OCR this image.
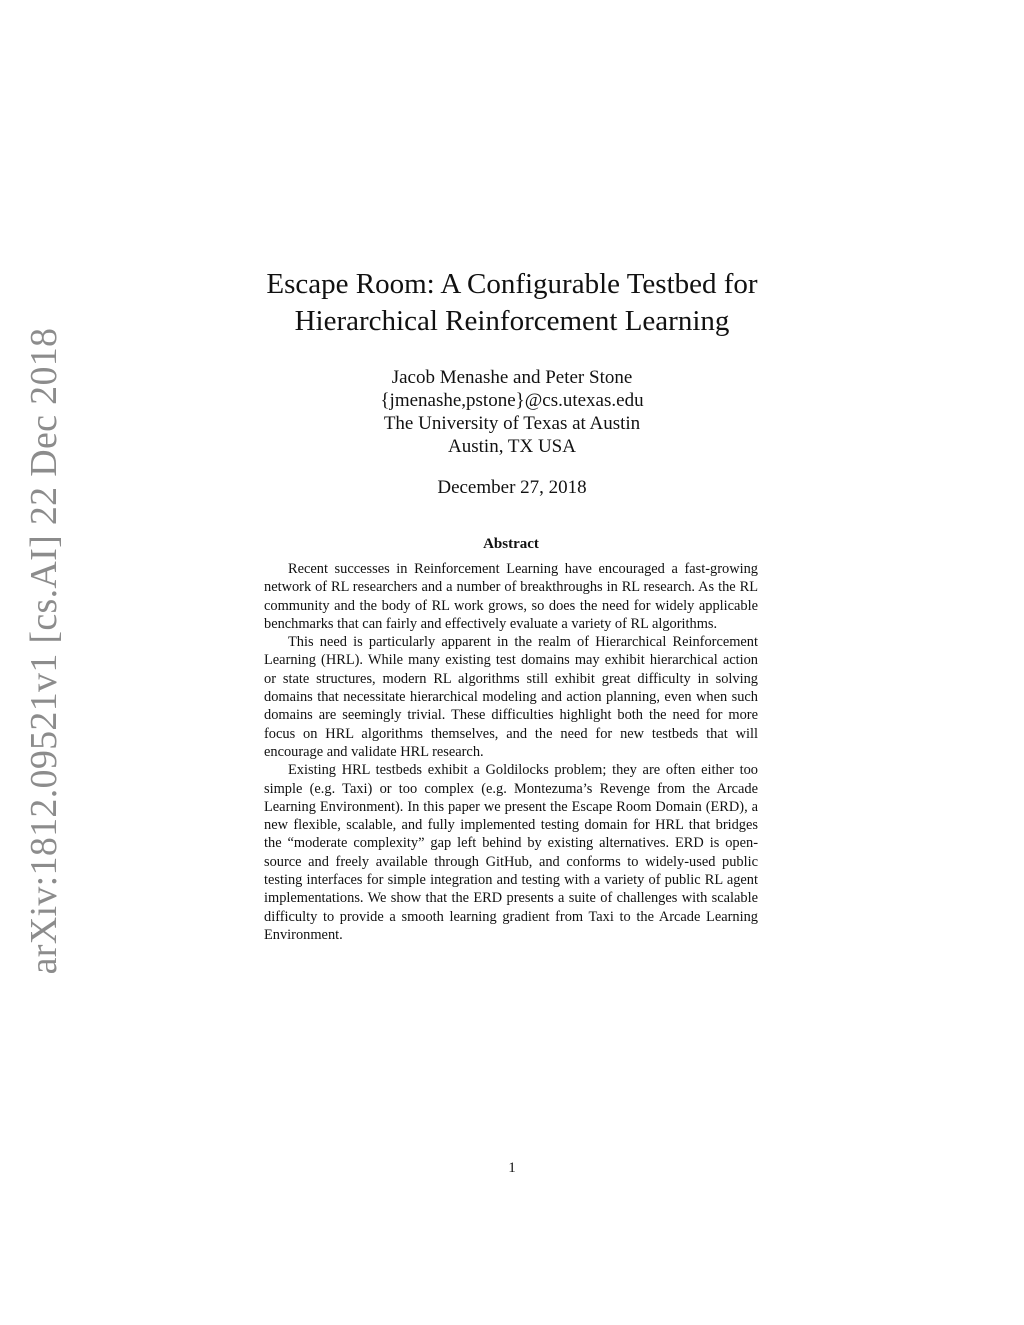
arXiv:1812.09521v1 [cs.AI] 22 Dec 2018
Escape Room: A Configurable Testbed for
Hierarchical Reinforcement Learning
Jacob Menashe and Peter Stone
{jmenashe,pstone}@cs.utexas.edu
The University of Texas at Austin
Austin, TX USA
December 27, 2018
Abstract

Recent successes in Reinforcement Learning have encouraged a fast-growing network of RL researchers and a number of breakthroughs in RL research. As the RL community and the body of RL work grows, so does the need for widely applicable benchmarks that can fairly and effectively evaluate a variety of RL algorithms.

This need is particularly apparent in the realm of Hierarchical Reinforcement Learning (HRL). While many existing test domains may exhibit hierarchical action or state structures, modern RL algorithms still exhibit great difficulty in solving domains that necessitate hierarchical modeling and action planning, even when such domains are seemingly trivial. These difficulties highlight both the need for more focus on HRL algorithms themselves, and the need for new testbeds that will encourage and validate HRL research.

Existing HRL testbeds exhibit a Goldilocks problem; they are often either too simple (e.g. Taxi) or too complex (e.g. Montezuma’s Revenge from the Arcade Learning Environment). In this paper we present the Escape Room Domain (ERD), a new flexible, scalable, and fully implemented testing domain for HRL that bridges the “moderate complexity” gap left behind by existing alternatives. ERD is open-source and freely available through GitHub, and conforms to widely-used public testing interfaces for simple integration and testing with a variety of public RL agent implementations. We show that the ERD presents a suite of challenges with scalable difficulty to provide a smooth learning gradient from Taxi to the Arcade Learning Environment.

1
